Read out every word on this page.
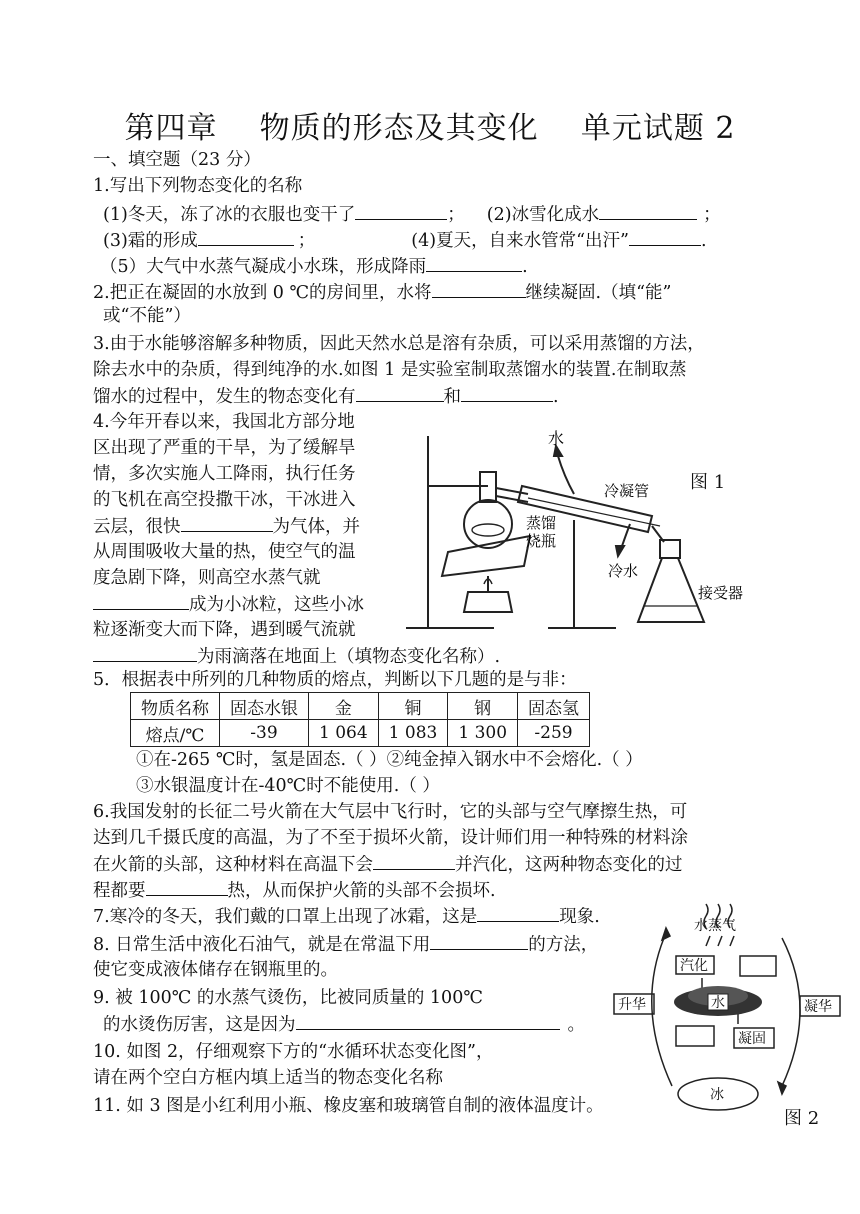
第四章    物质的形态及其变化    单元试题 2
一、填空题（23 分）
1.写出下列物态变化的名称
(1)冬天，冻了冰的衣服也变干了	； (2)冰雪化成水	；
(3)霜的形成	；	(4)夏天，自来水管常“出汗”	.
（5）大气中水蒸气凝成小水珠，形成降雨	.
2.把正在凝固的水放到 0 ℃的房间里，水将	继续凝固.（填“能”
或“不能”）
3.由于水能够溶解多种物质，因此天然水总是溶有杂质，可以采用蒸馏的方法，
除去水中的杂质，得到纯净的水.如图 1 是实验室制取蒸馏水的装置.在制取蒸
馏水的过程中，发生的物态变化有	和	.
4.今年开春以来，我国北方部分地
区出现了严重的干旱，为了缓解旱
情，多次实施人工降雨，执行任务
的飞机在高空投撒干冰，干冰进入
云层，很快	为气体，并
从周围吸收大量的热，使空气的温
度急剧下降，则高空水蒸气就
成为小冰粒，这些小冰
粒逐渐变大而下降，遇到暖气流就
为雨滴落在地面上（填物态变化名称）.
水
冷凝管
蒸馏
烧瓶
冷水
接受器
图 1
5．根据表中所列的几种物质的熔点，判断以下几题的是与非：
物质名称	固态水银	金	铜	钢	固态氢
熔点/℃	-39	1 064	1 083	1 300	-259
①在-265 ℃时，氢是固态.（ ）②纯金掉入钢水中不会熔化.（ ）
③水银温度计在-40℃时不能使用.（ ）
6.我国发射的长征二号火箭在大气层中飞行时，它的头部与空气摩擦生热，可
达到几千摄氏度的高温，为了不至于损坏火箭，设计师们用一种特殊的材料涂
在火箭的头部，这种材料在高温下会	并汽化，这两种物态变化的过
程都要	热，从而保护火箭的头部不会损坏.
7.寒冷的冬天，我们戴的口罩上出现了冰霜，这是	现象.
8. 日常生活中液化石油气，就是在常温下用	的方法，
使它变成液体储存在钢瓶里的。
9. 被 100℃ 的水蒸气烫伤，比被同质量的 100℃
的水烫伤厉害，这是因为	。
10. 如图 2，仔细观察下方的“水循环状态变化图”，
请在两个空白方框内填上适当的物态变化名称
11. 如 3 图是小红利用小瓶、橡皮塞和玻璃管自制的液体温度计。
水蒸气
汽化
升华	凝华
水
凝固
冰
图 2
